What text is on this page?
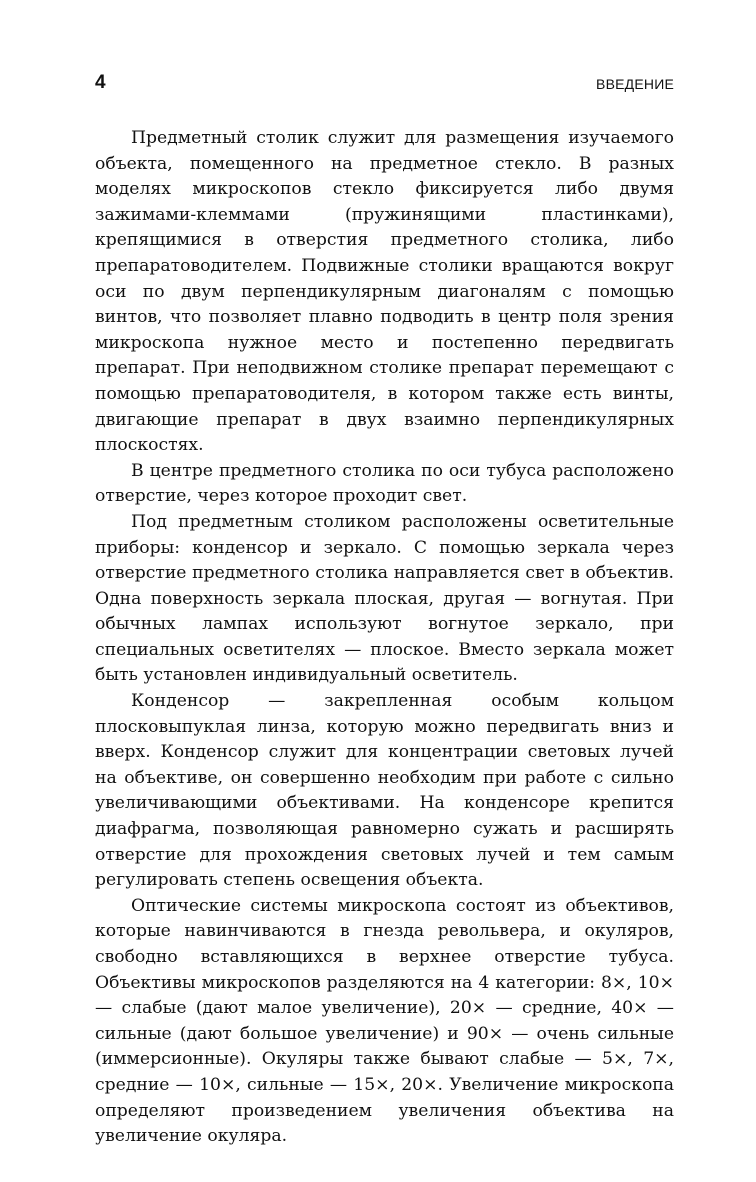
4	ВВЕДЕНИЕ

Предметный столик служит для размещения изучаемого объекта, помещенного на предметное стекло. В разных моделях микроскопов стекло фиксируется либо двумя зажимами-клеммами (пружинящими пластинками), крепящимися в отверстия предметного столика, либо препаратоводителем. Подвижные столики вращаются вокруг оси по двум перпендикулярным диагоналям с помощью винтов, что позволяет плавно подводить в центр поля зрения микроскопа нужное место и постепенно передвигать препарат. При неподвижном столике препарат перемещают с помощью препаратоводителя, в котором также есть винты, двигающие препарат в двух взаимно перпендикулярных плоскостях.

В центре предметного столика по оси тубуса расположено отверстие, через которое проходит свет.

Под предметным столиком расположены осветительные приборы: конденсор и зеркало. С помощью зеркала через отверстие предметного столика направляется свет в объектив. Одна поверхность зеркала плоская, другая — вогнутая. При обычных лампах используют вогнутое зеркало, при специальных осветителях — плоское. Вместо зеркала может быть установлен индивидуальный осветитель.

Конденсор — закрепленная особым кольцом плосковыпуклая линза, которую можно передвигать вниз и вверх. Конденсор служит для концентрации световых лучей на объективе, он совершенно необходим при работе с сильно увеличивающими объективами. На конденсоре крепится диафрагма, позволяющая равномерно сужать и расширять отверстие для прохождения световых лучей и тем самым регулировать степень освещения объекта.

Оптические системы микроскопа состоят из объективов, которые навинчиваются в гнезда револьвера, и окуляров, свободно вставляющихся в верхнее отверстие тубуса. Объективы микроскопов разделяются на 4 категории: 8×, 10× — слабые (дают малое увеличение), 20× — средние, 40× — сильные (дают большое увеличение) и 90× — очень сильные (иммерсионные). Окуляры также бывают слабые — 5×, 7×, средние — 10×, сильные — 15×, 20×. Увеличение микроскопа определяют произведением увеличения объектива на увеличение окуляра.
